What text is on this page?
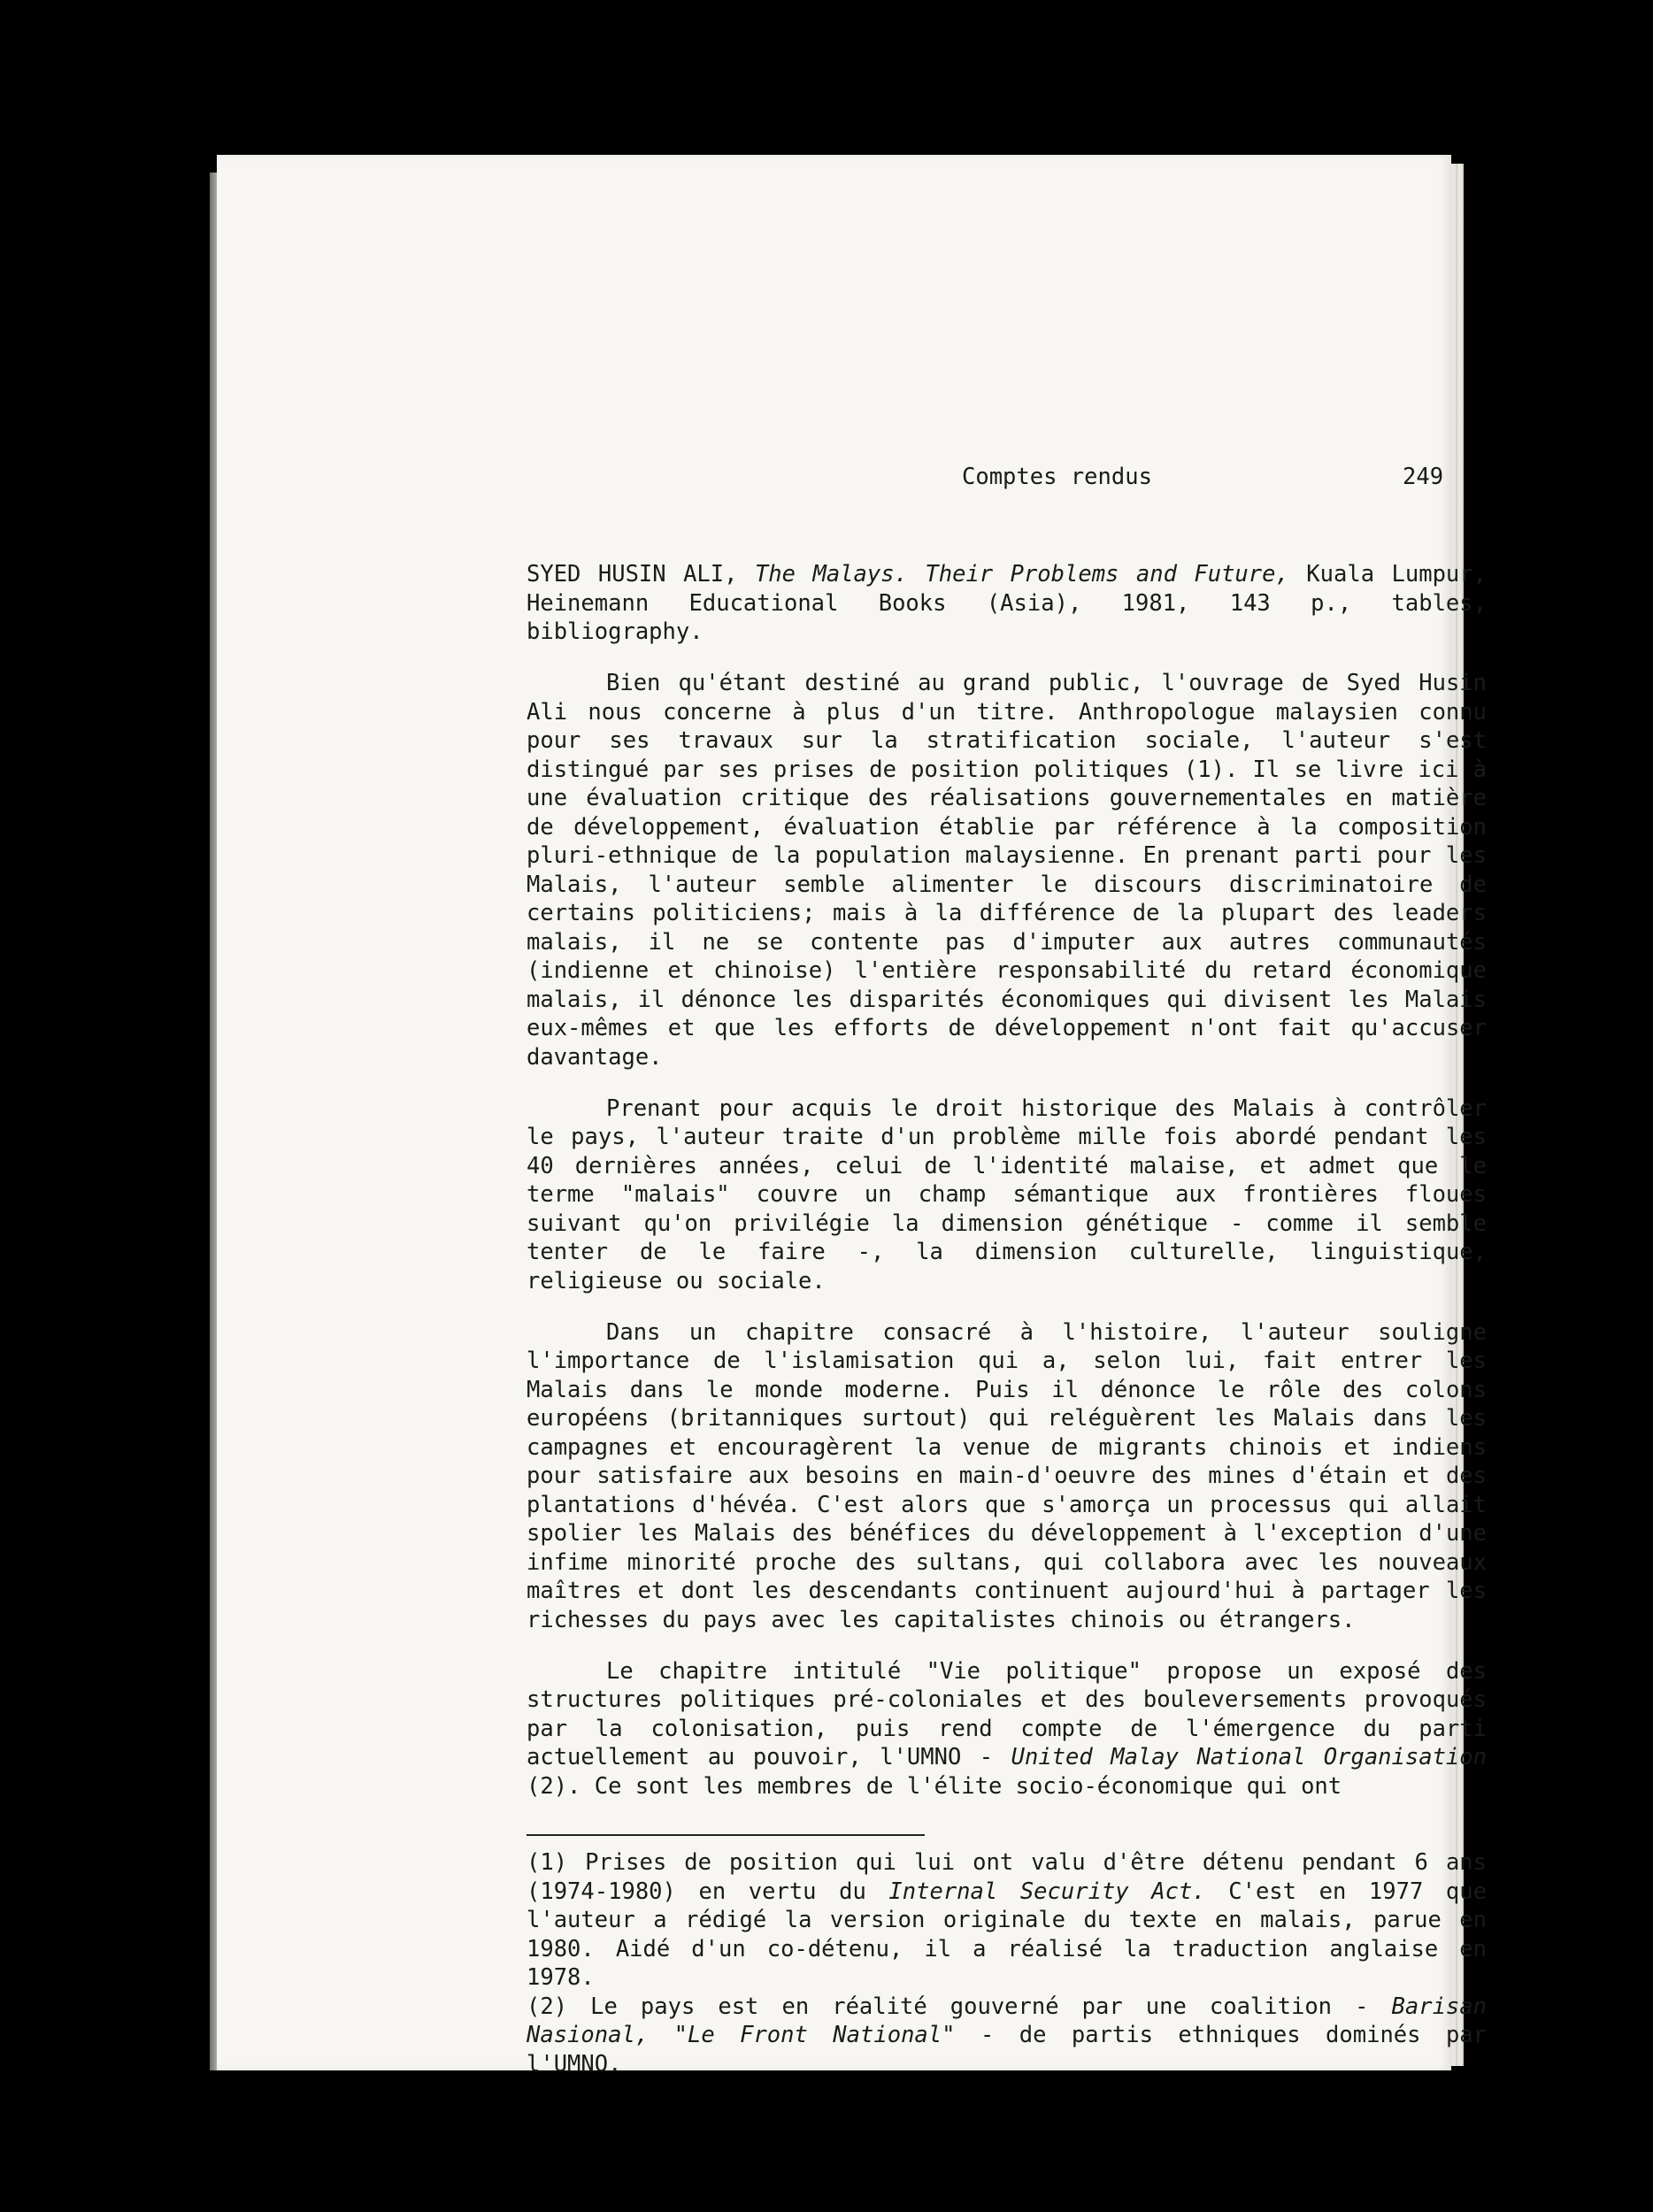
Comptes rendus	249

SYED HUSIN ALI, The Malays. Their Problems and Future, Kuala Lumpur, Heinemann Educational Books (Asia), 1981, 143 p., tables, bibliography.

Bien qu'étant destiné au grand public, l'ouvrage de Syed Husin Ali nous concerne à plus d'un titre. Anthropologue malaysien connu pour ses travaux sur la stratification sociale, l'auteur s'est distingué par ses prises de position politiques (1). Il se livre ici à une évaluation critique des réalisations gouvernementales en matière de développement, évaluation établie par référence à la composition pluri-ethnique de la population malaysienne. En prenant parti pour les Malais, l'auteur semble alimenter le discours discriminatoire de certains politiciens; mais à la différence de la plupart des leaders malais, il ne se contente pas d'imputer aux autres communautés (indienne et chinoise) l'entière responsabilité du retard économique malais, il dénonce les disparités économiques qui divisent les Malais eux-mêmes et que les efforts de développement n'ont fait qu'accuser davantage.

Prenant pour acquis le droit historique des Malais à contrôler le pays, l'auteur traite d'un problème mille fois abordé pendant les 40 dernières années, celui de l'identité malaise, et admet que le terme "malais" couvre un champ sémantique aux frontières floues suivant qu'on privilégie la dimension génétique - comme il semble tenter de le faire -, la dimension culturelle, linguistique, religieuse ou sociale.

Dans un chapitre consacré à l'histoire, l'auteur souligne l'importance de l'islamisation qui a, selon lui, fait entrer les Malais dans le monde moderne. Puis il dénonce le rôle des colons européens (britanniques surtout) qui reléguèrent les Malais dans les campagnes et encouragèrent la venue de migrants chinois et indiens pour satisfaire aux besoins en main-d'oeuvre des mines d'étain et des plantations d'hévéa. C'est alors que s'amorça un processus qui allait spolier les Malais des bénéfices du développement à l'exception d'une infime minorité proche des sultans, qui collabora avec les nouveaux maîtres et dont les descendants continuent aujourd'hui à partager les richesses du pays avec les capitalistes chinois ou étrangers.

Le chapitre intitulé "Vie politique" propose un exposé des structures politiques pré-coloniales et des bouleversements provoqués par la colonisation, puis rend compte de l'émergence du parti actuellement au pouvoir, l'UMNO - United Malay National Organisation (2). Ce sont les membres de l'élite socio-économique qui ont

(1) Prises de position qui lui ont valu d'être détenu pendant 6 ans (1974-1980) en vertu du Internal Security Act. C'est en 1977 que l'auteur a rédigé la version originale du texte en malais, parue en 1980. Aidé d'un co-détenu, il a réalisé la traduction anglaise en 1978.

(2) Le pays est en réalité gouverné par une coalition - Barisan Nasional, "Le Front National" - de partis ethniques dominés par l'UMNO.
